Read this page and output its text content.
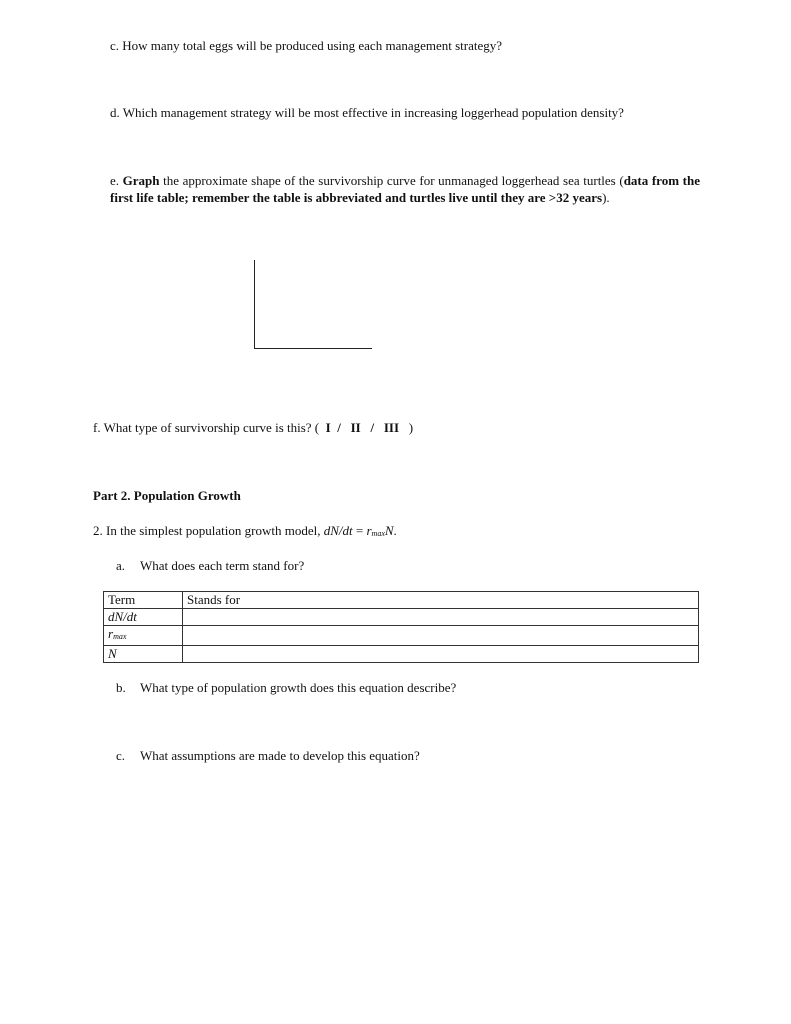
c. How many total eggs will be produced using each management strategy?

d. Which management strategy will be most effective in increasing loggerhead population density?

e. Graph the approximate shape of the survivorship curve for unmanaged loggerhead sea turtles (data from the first life table; remember the table is abbreviated and turtles live until they are >32 years).

f. What type of survivorship curve is this? ( I / II / III )

Part 2. Population Growth

2. In the simplest population growth model, dN/dt = rmaxN.

a. What does each term stand for?

Term	Stands for
dN/dt	
rmax	
N	

b. What type of population growth does this equation describe?

c. What assumptions are made to develop this equation?
